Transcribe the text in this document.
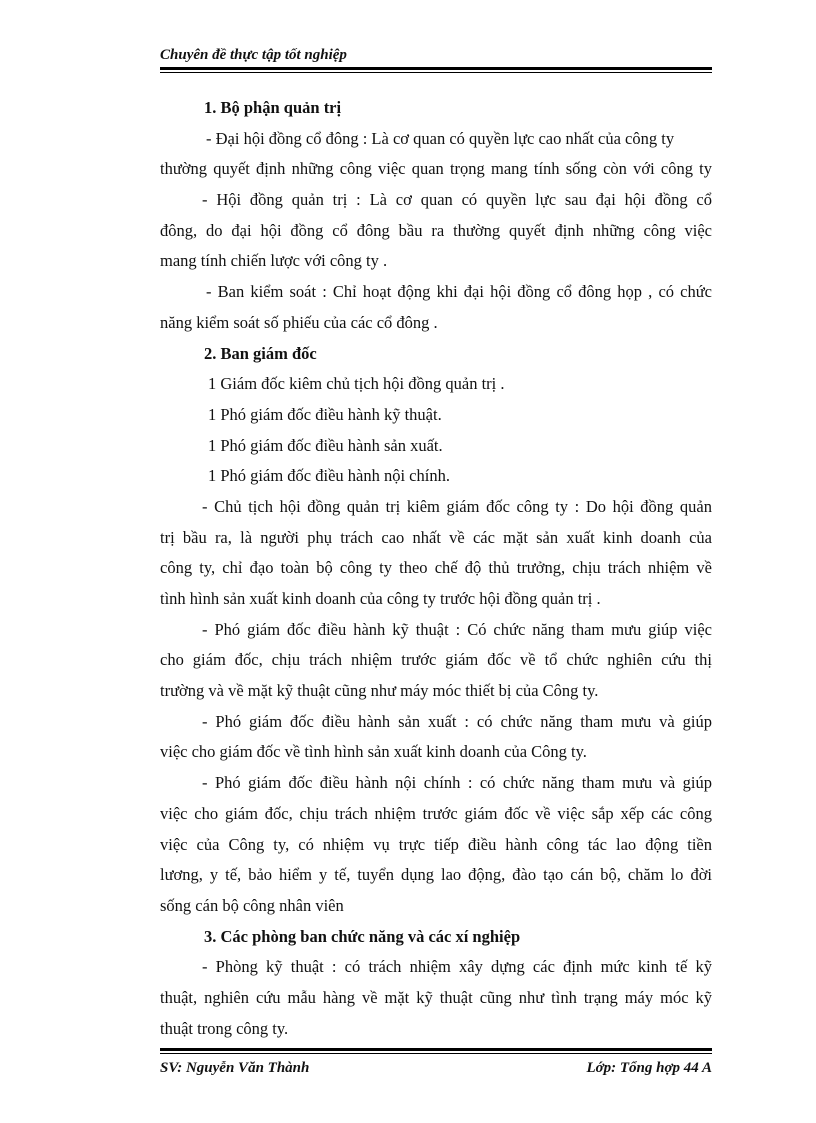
Chuyên đề thực tập tốt nghiệp
1. Bộ phận quản trị
- Đại hội đồng cổ đông : Là cơ quan có quyền lực cao nhất của công ty
thường quyết định những công việc quan trọng mang tính sống còn với công ty
- Hội đồng quản trị : Là cơ quan có quyền lực sau đại hội đồng cổ
đông, do đại hội đồng cổ đông bầu ra thường quyết định những công việc
mang tính chiến lược với công ty .
- Ban kiểm soát : Chỉ hoạt động khi đại hội đồng cổ đông họp , có chức
năng kiểm soát số phiếu của các cổ đông .
2. Ban giám đốc
1 Giám đốc kiêm chủ tịch hội đồng quản trị .
1 Phó giám đốc điều hành kỹ thuật.
1 Phó giám đốc điều hành sản xuất.
1 Phó giám đốc điều hành nội chính.
- Chủ tịch hội đồng quản trị kiêm giám đốc công ty : Do hội đồng quản
trị bầu ra, là người phụ trách cao nhất về các mặt sản xuất kinh doanh của
công ty, chỉ đạo toàn bộ công ty theo chế độ thủ trưởng, chịu trách nhiệm về
tình hình sản xuất kinh doanh của công ty trước hội đồng quản trị .
- Phó giám đốc điều hành kỹ thuật : Có chức năng tham mưu giúp việc
cho giám đốc, chịu trách nhiệm trước giám đốc về tổ chức nghiên cứu thị
trường và về mặt kỹ thuật cũng như máy móc thiết bị của Công ty.
- Phó giám đốc điều hành sản xuất : có chức năng tham mưu và giúp
việc cho giám đốc về tình hình sản xuất kinh doanh của Công ty.
- Phó giám đốc điều hành nội chính : có chức năng tham mưu và giúp
việc cho giám đốc, chịu trách nhiệm trước giám đốc về việc sắp xếp các công
việc của Công ty, có nhiệm vụ trực tiếp điều hành công tác lao động tiền
lương, y tế, bảo hiểm y tế, tuyển dụng lao động, đào tạo cán bộ, chăm lo đời
sống cán bộ công nhân viên
3. Các phòng ban chức năng và các xí nghiệp
- Phòng kỹ thuật : có trách nhiệm xây dựng các định mức kinh tế kỹ
thuật, nghiên cứu mẫu hàng về mặt kỹ thuật cũng như tình trạng máy móc kỹ
thuật trong công ty.
SV: Nguyễn Văn Thành	Lớp: Tổng hợp 44 A
